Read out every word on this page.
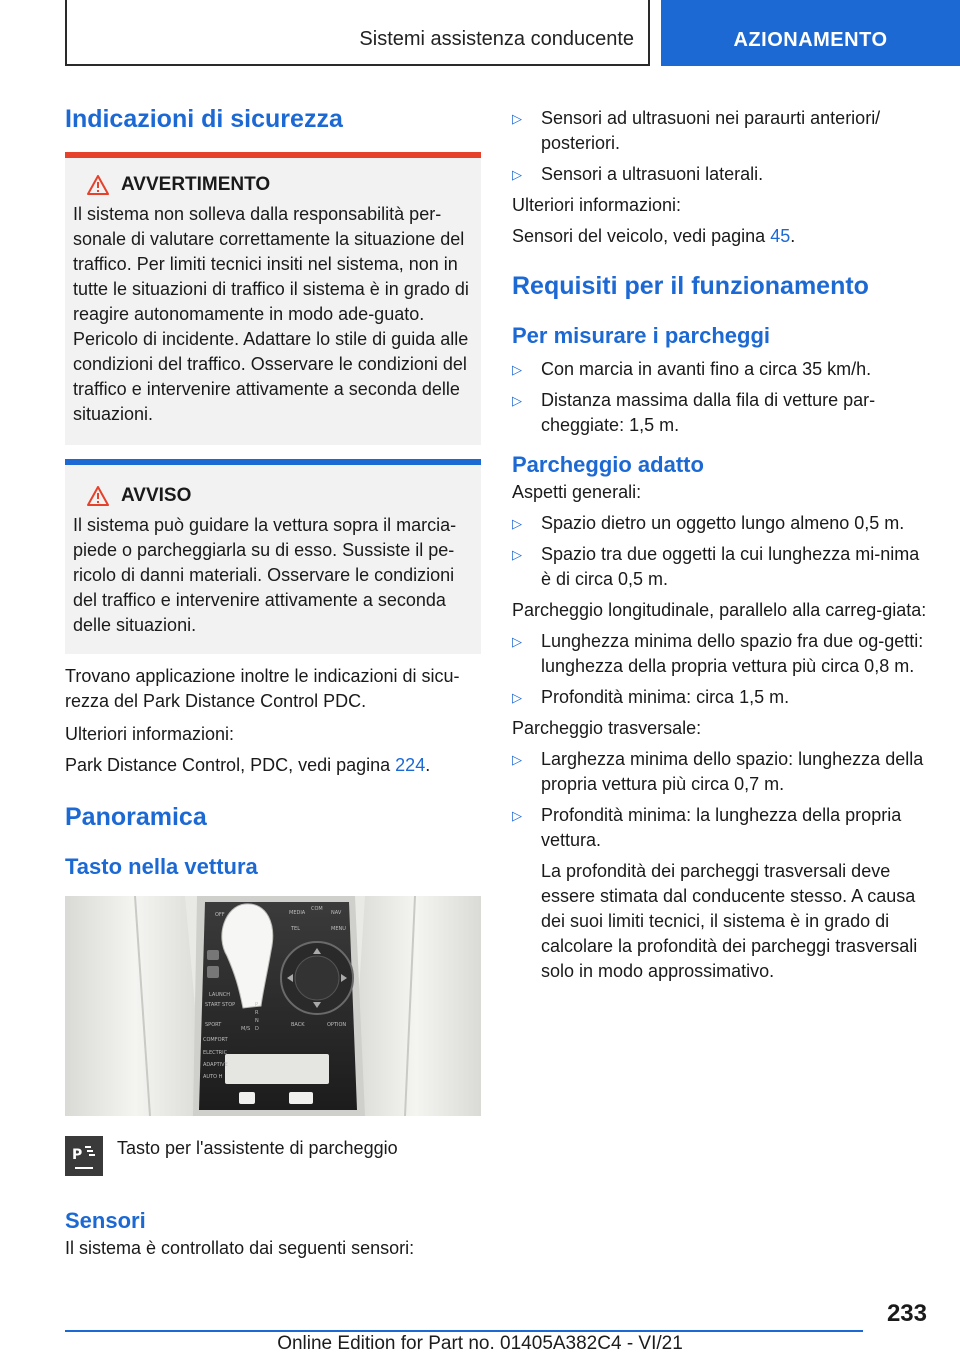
Sistemi assistenza conducente	AZIONAMENTO
Indicazioni di sicurezza
AVVERTIMENTO
Il sistema non solleva dalla responsabilità per-sonale di valutare correttamente la situazione del traffico. Per limiti tecnici insiti nel sistema, non in tutte le situazioni di traffico il sistema è in grado di reagire autonomamente in modo ade-guato. Pericolo di incidente. Adattare lo stile di guida alle condizioni del traffico. Osservare le condizioni del traffico e intervenire attivamente a seconda delle situazioni.
AVVISO
Il sistema può guidare la vettura sopra il marcia-piede o parcheggiarla su di esso. Sussiste il pe-ricolo di danni materiali. Osservare le condizioni del traffico e intervenire attivamente a seconda delle situazioni.
Trovano applicazione inoltre le indicazioni di sicu-rezza del Park Distance Control PDC.
Ulteriori informazioni:
Park Distance Control, PDC, vedi pagina 224.
Panoramica
Tasto nella vettura
OFF	MEDIA
COM
NAV
TEL	MENU
BACK	OPTION
LAUNCH
START STOP
SPORT
COMFORT
ELECTRIC
ADAPTIVE
AUTO H
P
R
N
D
M/S
P Tasto per l'assistente di parcheggio
Sensori
Il sistema è controllato dai seguenti sensori:
▷ Sensori ad ultrasuoni nei paraurti anteriori/ posteriori.
▷ Sensori a ultrasuoni laterali.
Ulteriori informazioni:
Sensori del veicolo, vedi pagina 45.
Requisiti per il funzionamento
Per misurare i parcheggi
▷ Con marcia in avanti fino a circa 35 km/h.
▷ Distanza massima dalla fila di vetture par-cheggiate: 1,5 m.
Parcheggio adatto
Aspetti generali:
▷ Spazio dietro un oggetto lungo almeno 0,5 m.
▷ Spazio tra due oggetti la cui lunghezza mi-nima è di circa 0,5 m.
Parcheggio longitudinale, parallelo alla carreg-giata:
▷ Lunghezza minima dello spazio fra due og-getti: lunghezza della propria vettura più circa 0,8 m.
▷ Profondità minima: circa 1,5 m.
Parcheggio trasversale:
▷ Larghezza minima dello spazio: lunghezza della propria vettura più circa 0,7 m.
▷ Profondità minima: la lunghezza della propria vettura.
La profondità dei parcheggi trasversali deve essere stimata dal conducente stesso. A causa dei suoi limiti tecnici, il sistema è in grado di calcolare la profondità dei parcheggi trasversali solo in modo approssimativo.
233
Online Edition for Part no. 01405A382C4 - VI/21
